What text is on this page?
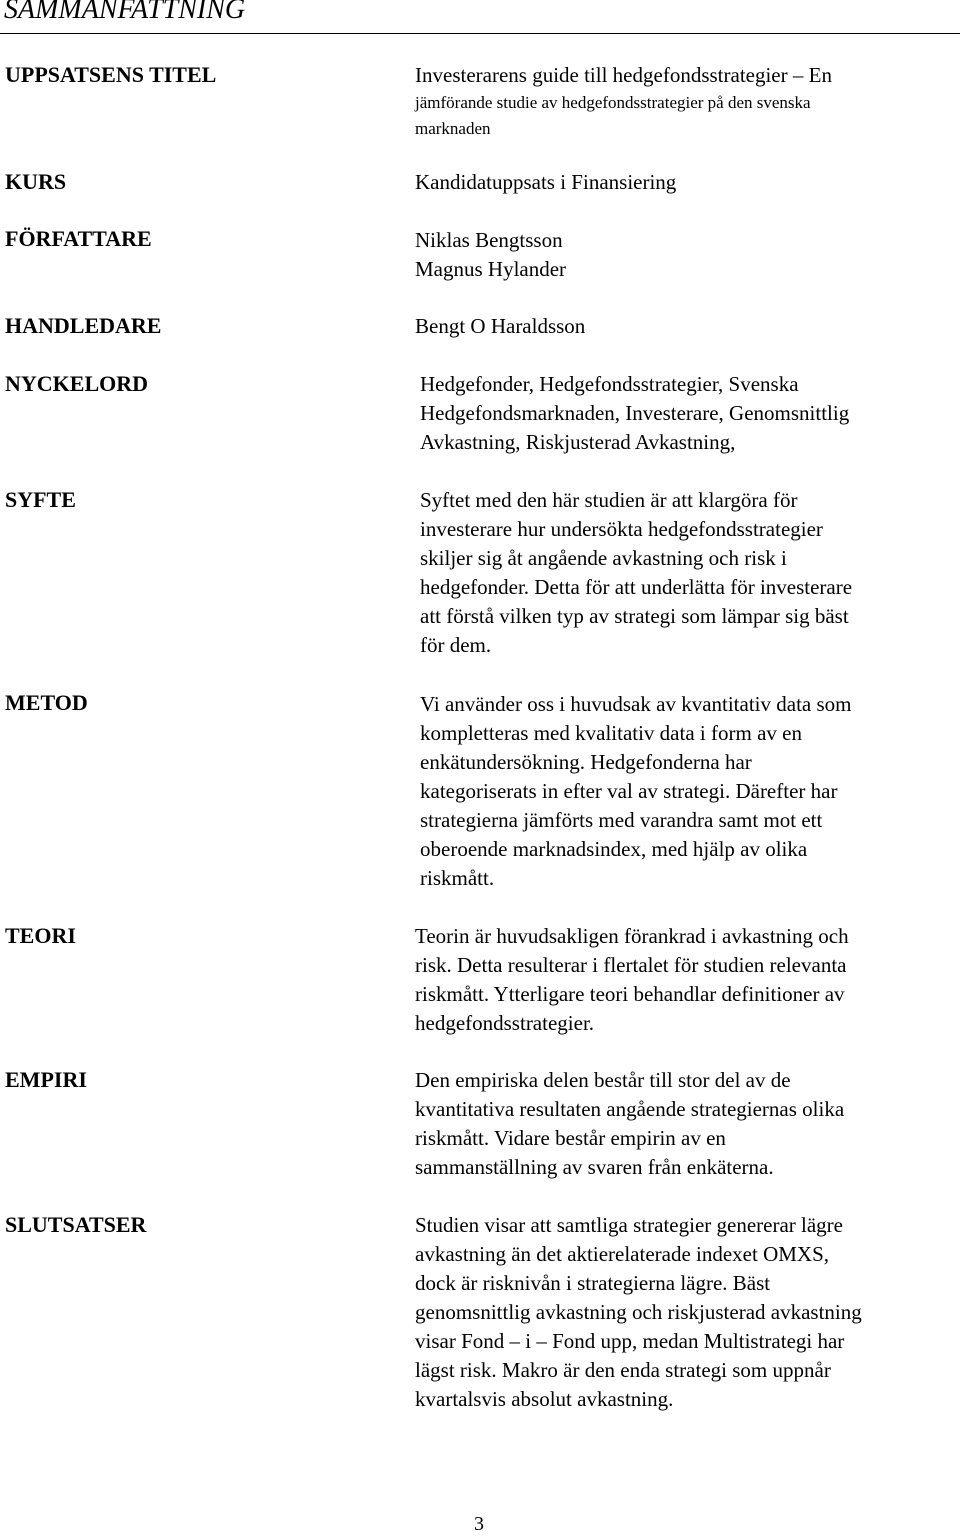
SAMMANFATTNING
UPPSATSENS TITEL	Investerarens guide till hedgefondsstrategier – En
jämförande studie av hedgefondsstrategier på den svenska
marknaden
KURS	Kandidatuppsats i Finansiering
FÖRFATTARE	Niklas Bengtsson
Magnus Hylander
HANDLEDARE	Bengt O Haraldsson
NYCKELORD	Hedgefonder, Hedgefondsstrategier, Svenska
Hedgefondsmarknaden, Investerare, Genomsnittlig
Avkastning, Riskjusterad Avkastning,
SYFTE	Syftet med den här studien är att klargöra för
investerare hur undersökta hedgefondsstrategier
skiljer sig åt angående avkastning och risk i
hedgefonder. Detta för att underlätta för investerare
att förstå vilken typ av strategi som lämpar sig bäst
för dem.
METOD	Vi använder oss i huvudsak av kvantitativ data som
kompletteras med kvalitativ data i form av en
enkätundersökning. Hedgefonderna har
kategoriserats in efter val av strategi. Därefter har
strategierna jämförts med varandra samt mot ett
oberoende marknadsindex, med hjälp av olika
riskmått.
TEORI	Teorin är huvudsakligen förankrad i avkastning och
risk. Detta resulterar i flertalet för studien relevanta
riskmått. Ytterligare teori behandlar definitioner av
hedgefondsstrategier.
EMPIRI	Den empiriska delen består till stor del av de
kvantitativa resultaten angående strategiernas olika
riskmått. Vidare består empirin av en
sammanställning av svaren från enkäterna.
SLUTSATSER	Studien visar att samtliga strategier genererar lägre
avkastning än det aktierelaterade indexet OMXS,
dock är risknivån i strategierna lägre. Bäst
genomsnittlig avkastning och riskjusterad avkastning
visar Fond – i – Fond upp, medan Multistrategi har
lägst risk. Makro är den enda strategi som uppnår
kvartalsvis absolut avkastning.
3
